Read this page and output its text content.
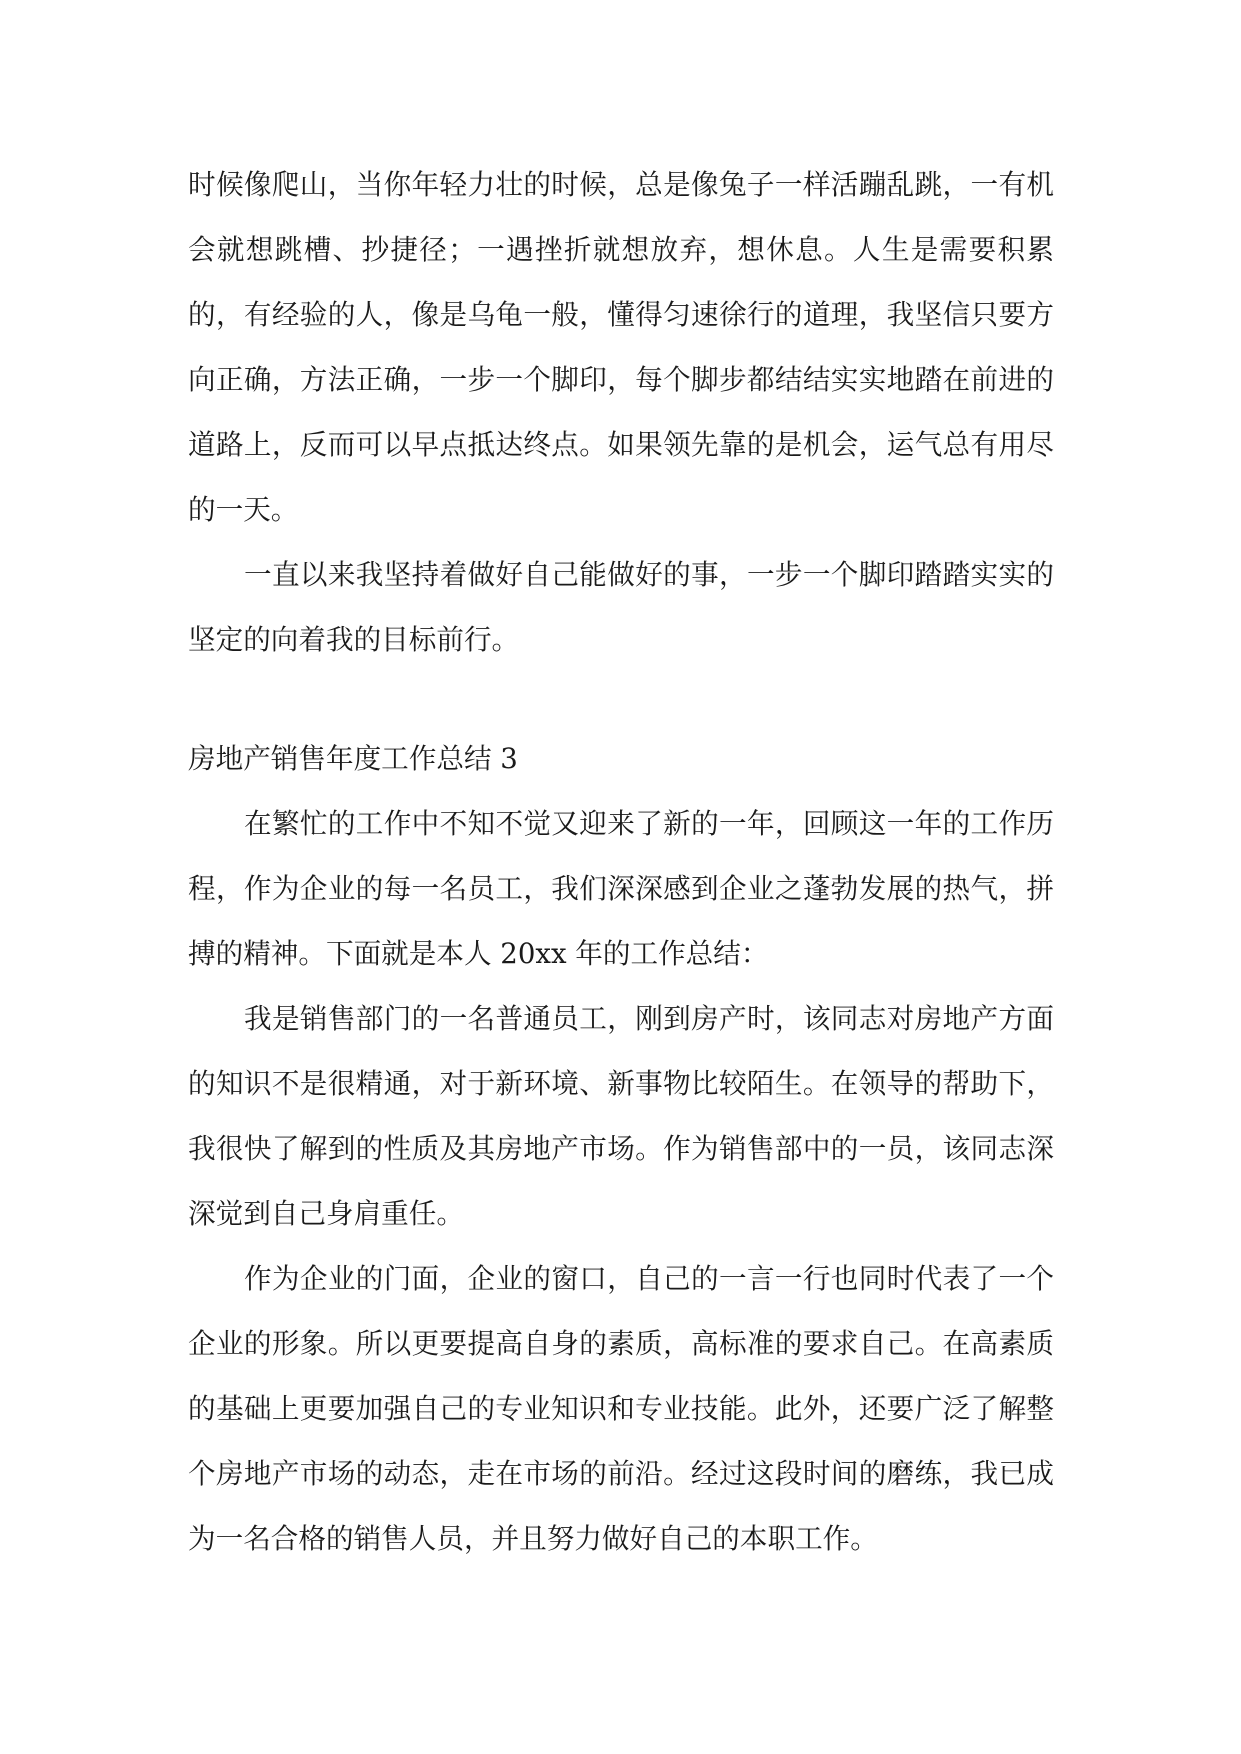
时候像爬山，当你年轻力壮的时候，总是像兔子一样活蹦乱跳，一有机会就想跳槽、抄捷径；一遇挫折就想放弃，想休息。人生是需要积累的，有经验的人，像是乌龟一般，懂得匀速徐行的道理，我坚信只要方向正确，方法正确，一步一个脚印，每个脚步都结结实实地踏在前进的道路上，反而可以早点抵达终点。如果领先靠的是机会，运气总有用尽的一天。

一直以来我坚持着做好自己能做好的事，一步一个脚印踏踏实实的坚定的向着我的目标前行。

房地产销售年度工作总结 3

在繁忙的工作中不知不觉又迎来了新的一年，回顾这一年的工作历程，作为企业的每一名员工，我们深深感到企业之蓬勃发展的热气，拼搏的精神。下面就是本人 20xx 年的工作总结：

我是销售部门的一名普通员工，刚到房产时，该同志对房地产方面的知识不是很精通，对于新环境、新事物比较陌生。在领导的帮助下，我很快了解到的性质及其房地产市场。作为销售部中的一员，该同志深深觉到自己身肩重任。

作为企业的门面，企业的窗口，自己的一言一行也同时代表了一个企业的形象。所以更要提高自身的素质，高标准的要求自己。在高素质的基础上更要加强自己的专业知识和专业技能。此外，还要广泛了解整个房地产市场的动态，走在市场的前沿。经过这段时间的磨练，我已成为一名合格的销售人员，并且努力做好自己的本职工作。
